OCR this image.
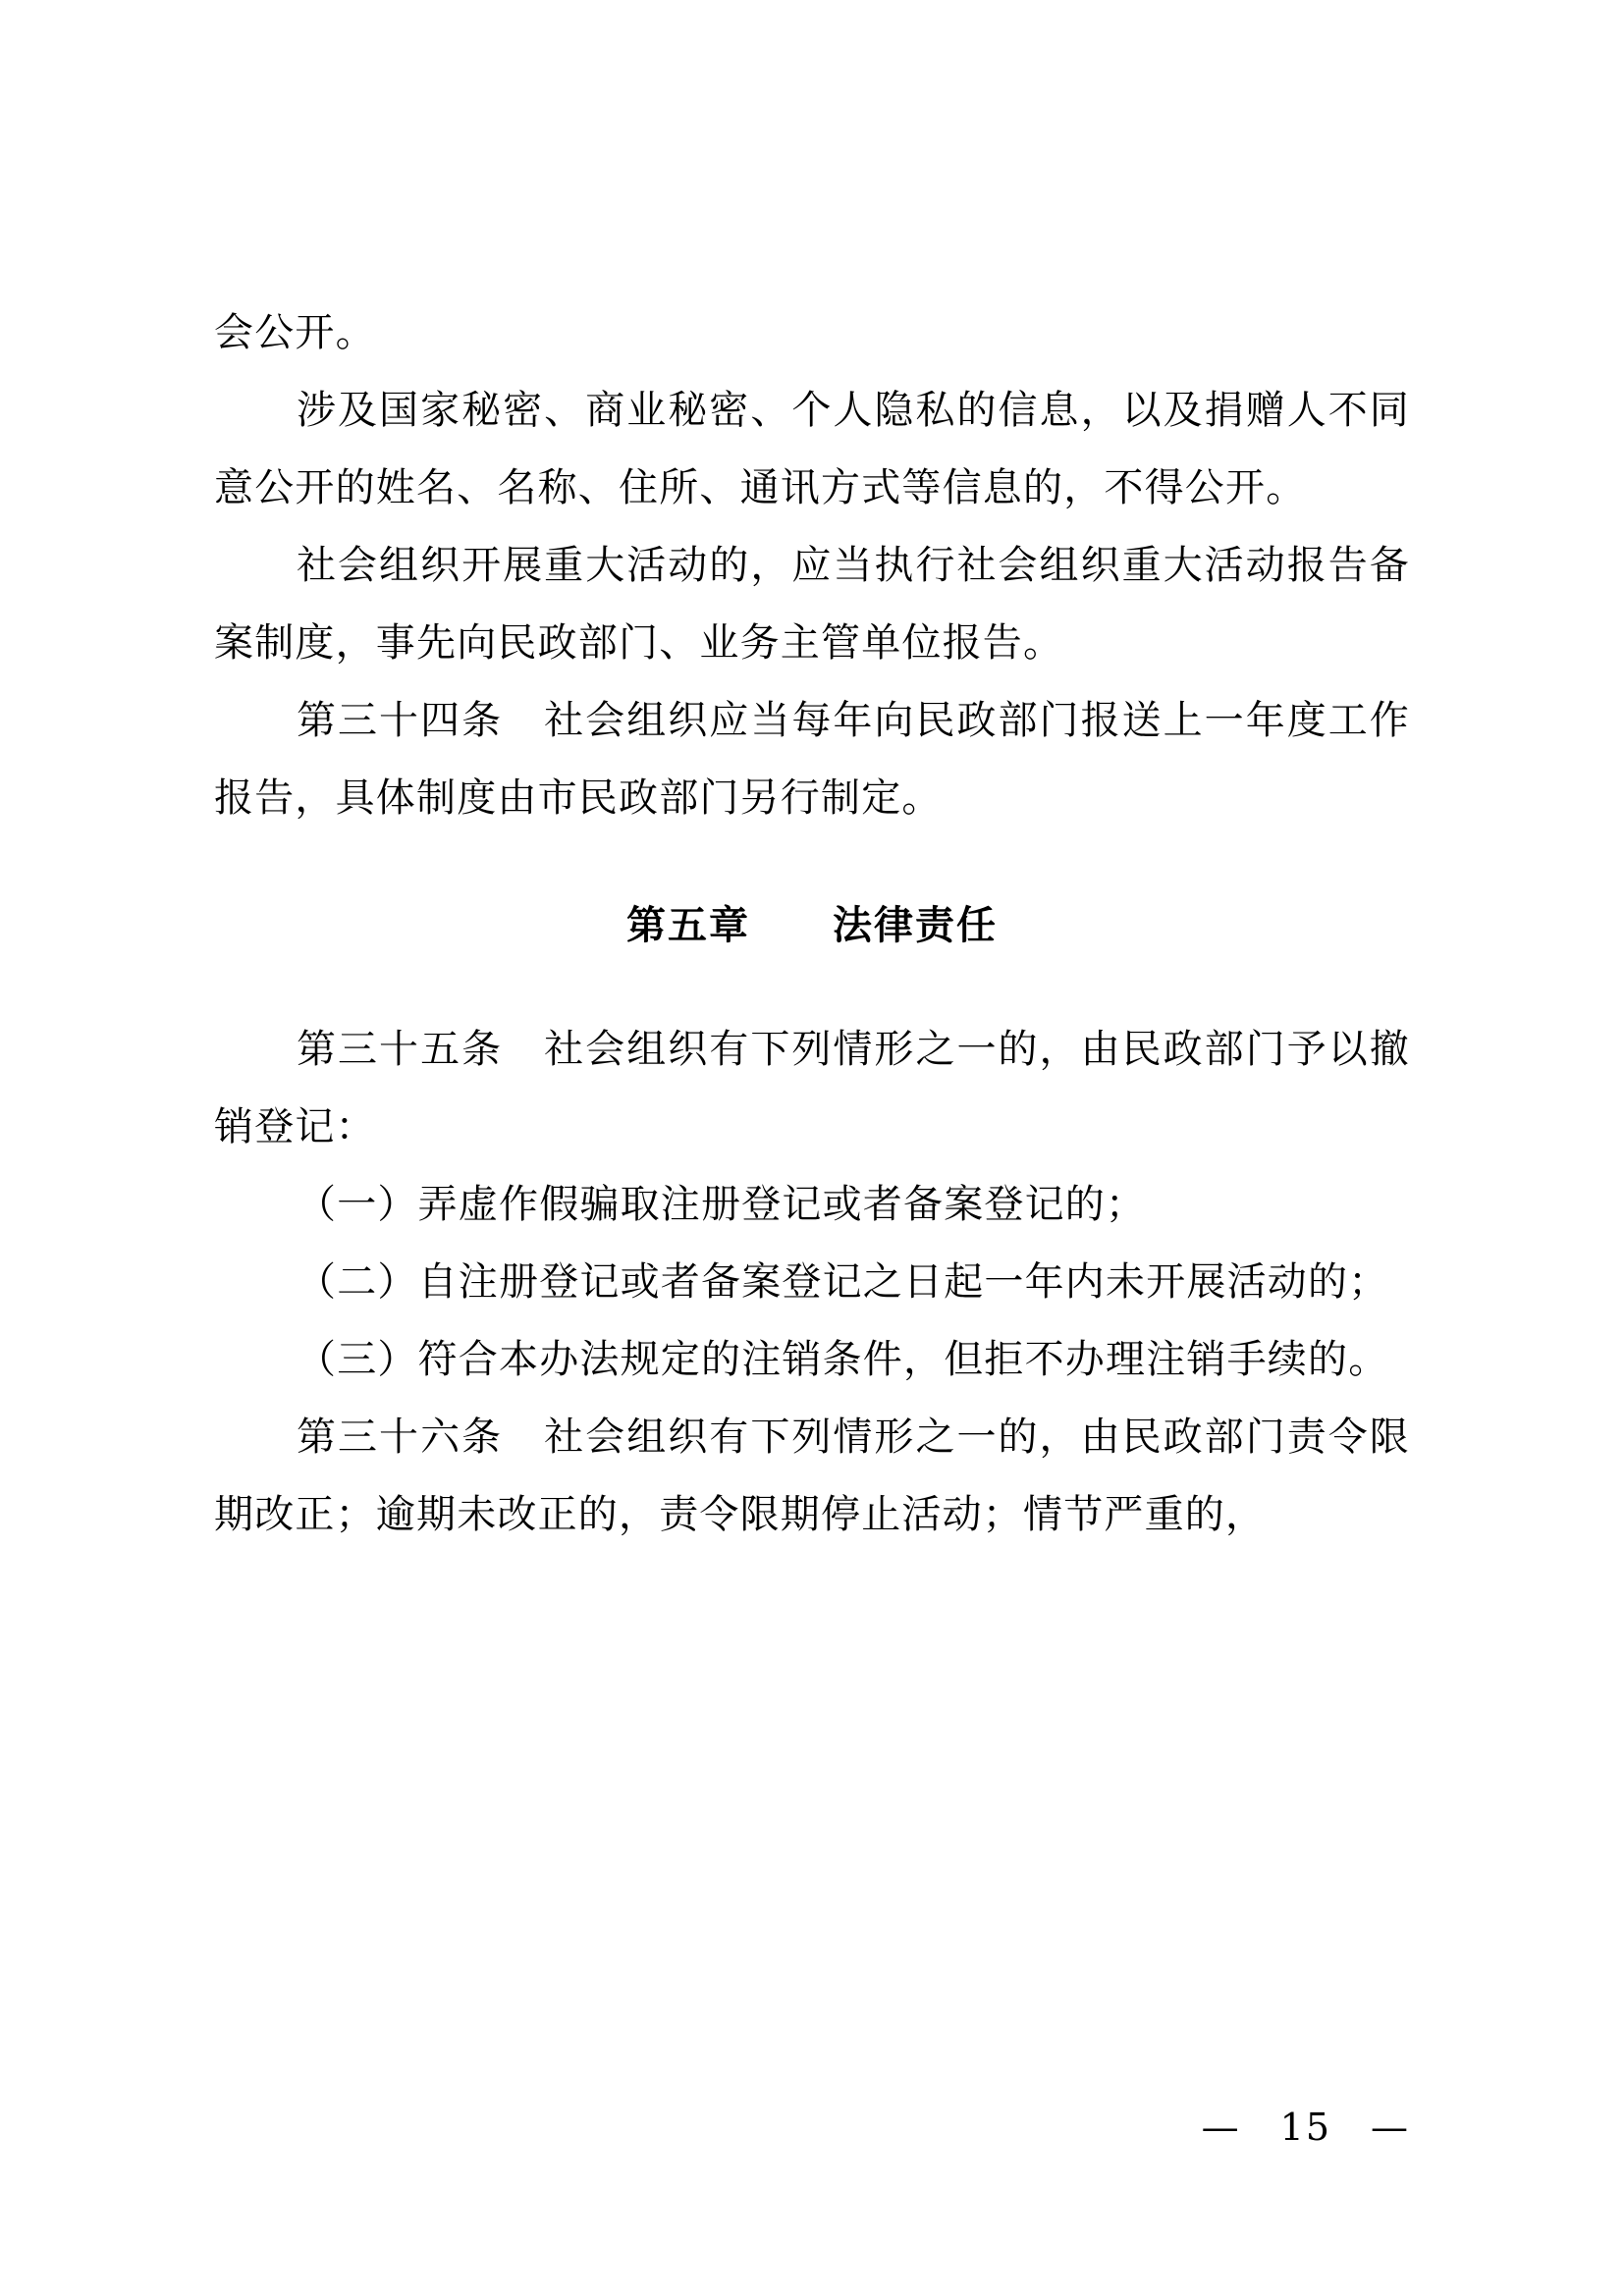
会公开。

涉及国家秘密、商业秘密、个人隐私的信息，以及捐赠人不同意公开的姓名、名称、住所、通讯方式等信息的，不得公开。

社会组织开展重大活动的，应当执行社会组织重大活动报告备案制度，事先向民政部门、业务主管单位报告。

第三十四条　社会组织应当每年向民政部门报送上一年度工作报告，具体制度由市民政部门另行制定。

第五章　　法律责任

第三十五条　社会组织有下列情形之一的，由民政部门予以撤销登记：

（一）弄虚作假骗取注册登记或者备案登记的；

（二）自注册登记或者备案登记之日起一年内未开展活动的；

（三）符合本办法规定的注销条件，但拒不办理注销手续的。

第三十六条　社会组织有下列情形之一的，由民政部门责令限期改正；逾期未改正的，责令限期停止活动；情节严重的，

—　15　—
